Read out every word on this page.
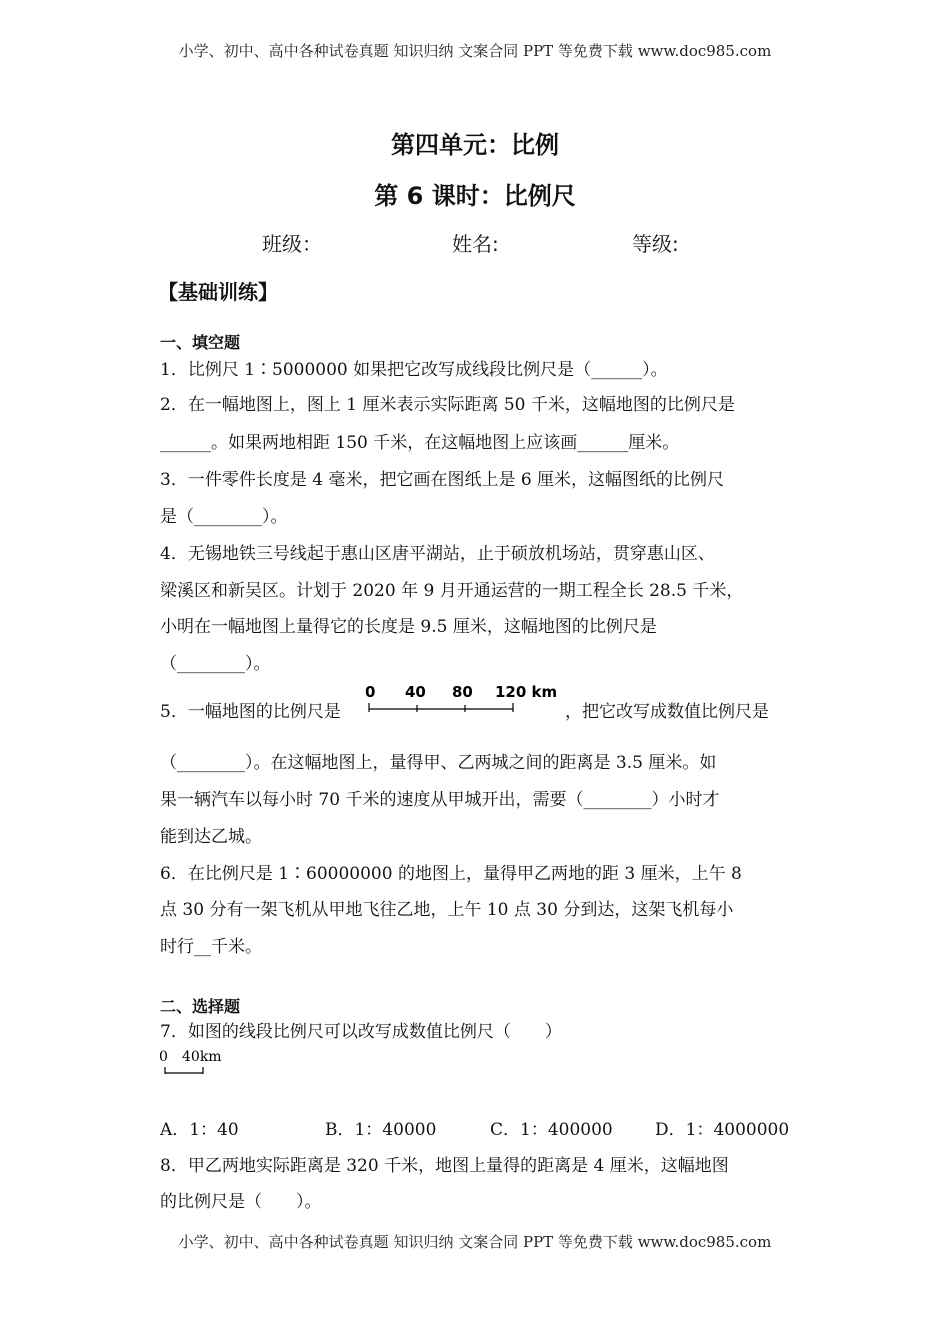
小学、初中、高中各种试卷真题 知识归纳 文案合同 PPT 等免费下载 www.doc985.com
第四单元：比例
第 6 课时：比例尺
班级：	姓名:	等级:
【基础训练】
一、填空题
1．比例尺 1∶5000000 如果把它改写成线段比例尺是（______）。
2．在一幅地图上，图上 1 厘米表示实际距离 50 千米，这幅地图的比例尺是
______。如果两地相距 150 千米，在这幅地图上应该画______厘米。
3．一件零件长度是 4 毫米，把它画在图纸上是 6 厘米，这幅图纸的比例尺
是（________）。
4．无锡地铁三号线起于惠山区唐平湖站，止于硕放机场站，贯穿惠山区、
梁溪区和新吴区。计划于 2020 年 9 月开通运营的一期工程全长 28.5 千米，
小明在一幅地图上量得它的长度是 9.5 厘米，这幅地图的比例尺是
（________）。
5．一幅地图的比例尺是
0 40 80 120 km
，把它改写成数值比例尺是
（________）。在这幅地图上，量得甲、乙两城之间的距离是 3.5 厘米。如
果一辆汽车以每小时 70 千米的速度从甲城开出，需要（________）小时才
能到达乙城。
6．在比例尺是 1∶60000000 的地图上，量得甲乙两地的距 3 厘米，上午 8
点 30 分有一架飞机从甲地飞往乙地，上午 10 点 30 分到达，这架飞机每小
时行__千米。
二、选择题
7．如图的线段比例尺可以改写成数值比例尺（　　）
0 40km
A．1：40	B．1：40000	C．1：400000 D．1：4000000
8．甲乙两地实际距离是 320 千米，地图上量得的距离是 4 厘米，这幅地图
的比例尺是（　　）。
小学、初中、高中各种试卷真题 知识归纳 文案合同 PPT 等免费下载 www.doc985.com
